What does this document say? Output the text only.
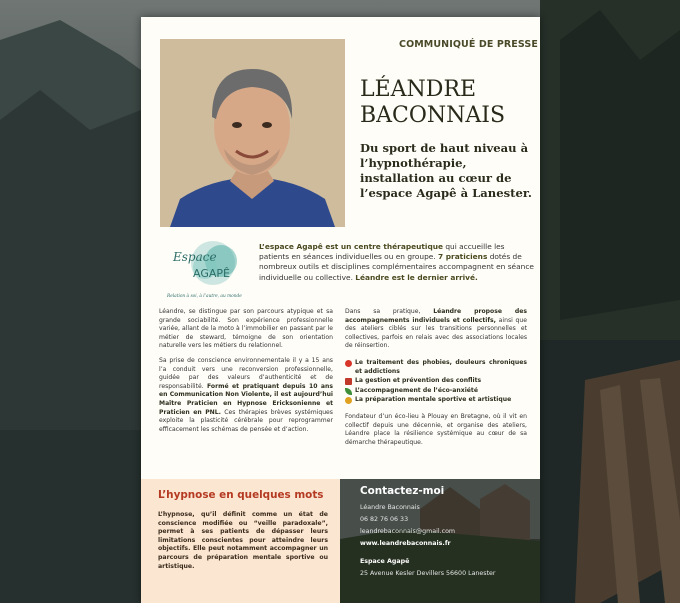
COMMUNIQUÉ DE PRESSE
LÉANDRE
BACONNAIS
Du sport de haut niveau à l’hypnothérapie, installation au cœur de l’espace Agapê à Lanester.
Espace
AGAPÊ
Relation à soi, à l’autre, au monde
L’espace Agapê est un centre thérapeutique qui accueille les patients en séances individuelles ou en groupe. 7 praticiens dotés de nombreux outils et disciplines complémentaires accompagnent en séance individuelle ou collective. Léandre est le dernier arrivé.

Léandre, se distingue par son parcours atypique et sa grande sociabilité. Son expérience professionnelle variée, allant de la moto à l’immobilier en passant par le métier de steward, témoigne de son orientation naturelle vers les métiers du relationnel.

Sa prise de conscience environnementale il y a 15 ans l’a conduit vers une reconversion professionnelle, guidée par des valeurs d’authenticité et de responsabilité. Formé et pratiquant depuis 10 ans en Communication Non Violente, il est aujourd’hui Maître Praticien en Hypnose Ericksonienne et Praticien en PNL. Ces thérapies brèves systémiques exploite la plasticité cérébrale pour reprogrammer efficacement les schémas de pensée et d’action.

Dans sa pratique, Léandre propose des accompagnements individuels et collectifs, ainsi que des ateliers ciblés sur les transitions personnelles et collectives, parfois en relais avec des associations locales de réinsertion.

Le traitement des phobies, douleurs chroniques et addictions
La gestion et prévention des conflits
L’accompagnement de l’éco-anxiété
La préparation mentale sportive et artistique

Fondateur d’un éco-lieu à Plouay en Bretagne, où il vit en collectif depuis une décennie, et organise des ateliers, Léandre place la résilience systémique au cœur de sa démarche thérapeutique.

L’hypnose en quelques mots
L’hypnose, qu’il définit comme un état de conscience modifiée ou “veille paradoxale”, permet à ses patients de dépasser leurs limitations conscientes pour atteindre leurs objectifs. Elle peut notamment accompagner un parcours de préparation mentale sportive ou artistique.
Contactez-moi
Léandre Baconnais
06 82 76 06 33
leandrebaconnais@gmail.com
www.leandrebaconnais.fr
Espace Agapê
25 Avenue Kesler Devillers 56600 Lanester
